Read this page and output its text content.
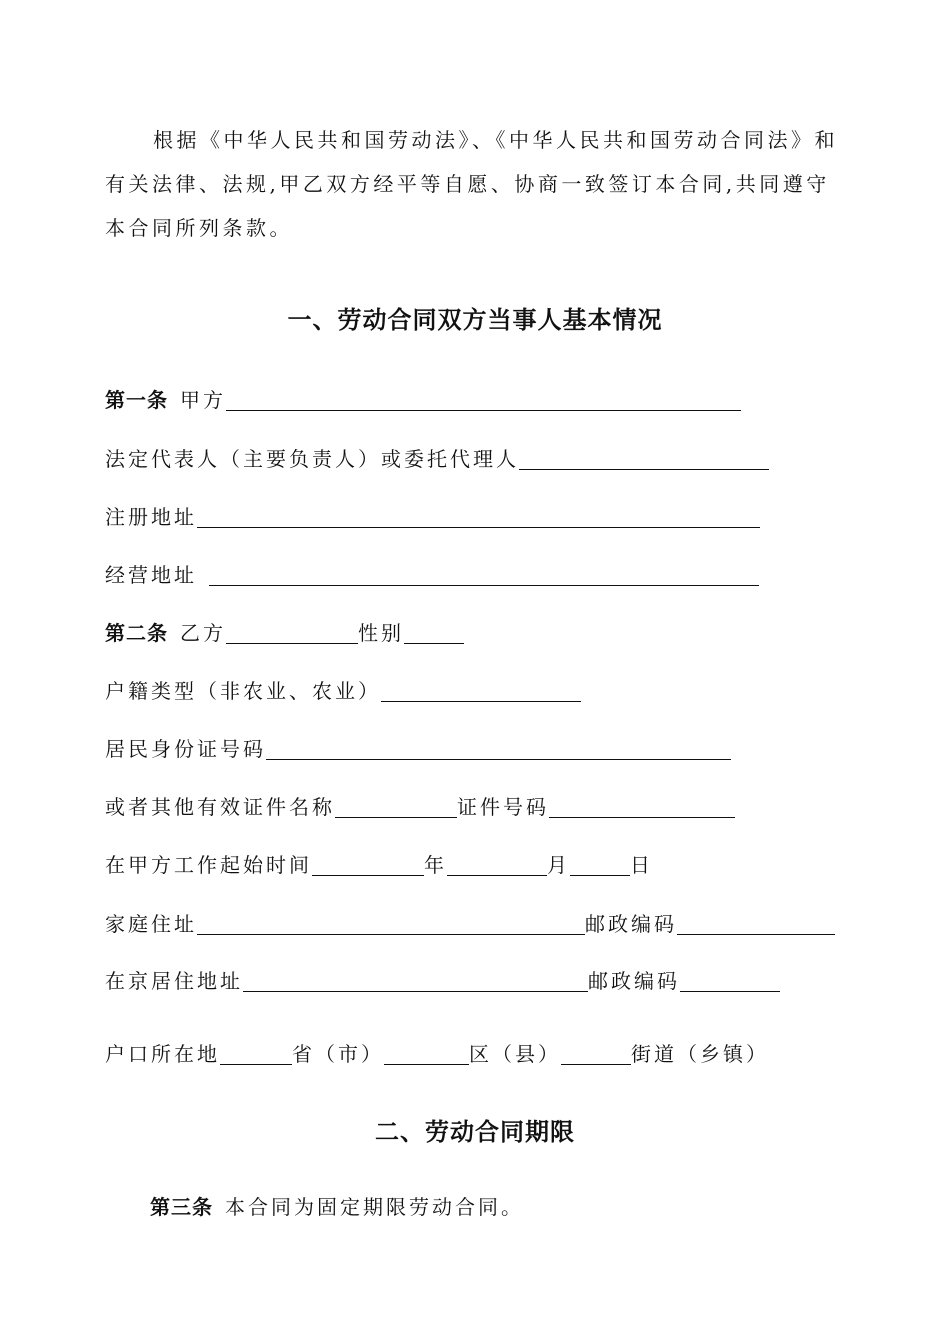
根据《中华人民共和国劳动法》、《中华人民共和国劳动合同法》和有关法律、法规,甲乙双方经平等自愿、协商一致签订本合同,共同遵守本合同所列条款。
一、劳动合同双方当事人基本情况
第一条 甲方
法定代表人（主要负责人）或委托代理人
注册地址
经营地址
第二条 乙方	性别
户籍类型（非农业、农业）
居民身份证号码
或者其他有效证件名称	证件号码
在甲方工作起始时间	年	月	日
家庭住址	邮政编码
在京居住地址	邮政编码
户口所在地	省（市）	区（县）	街道（乡镇）
二、劳动合同期限
第三条 本合同为固定期限劳动合同。
